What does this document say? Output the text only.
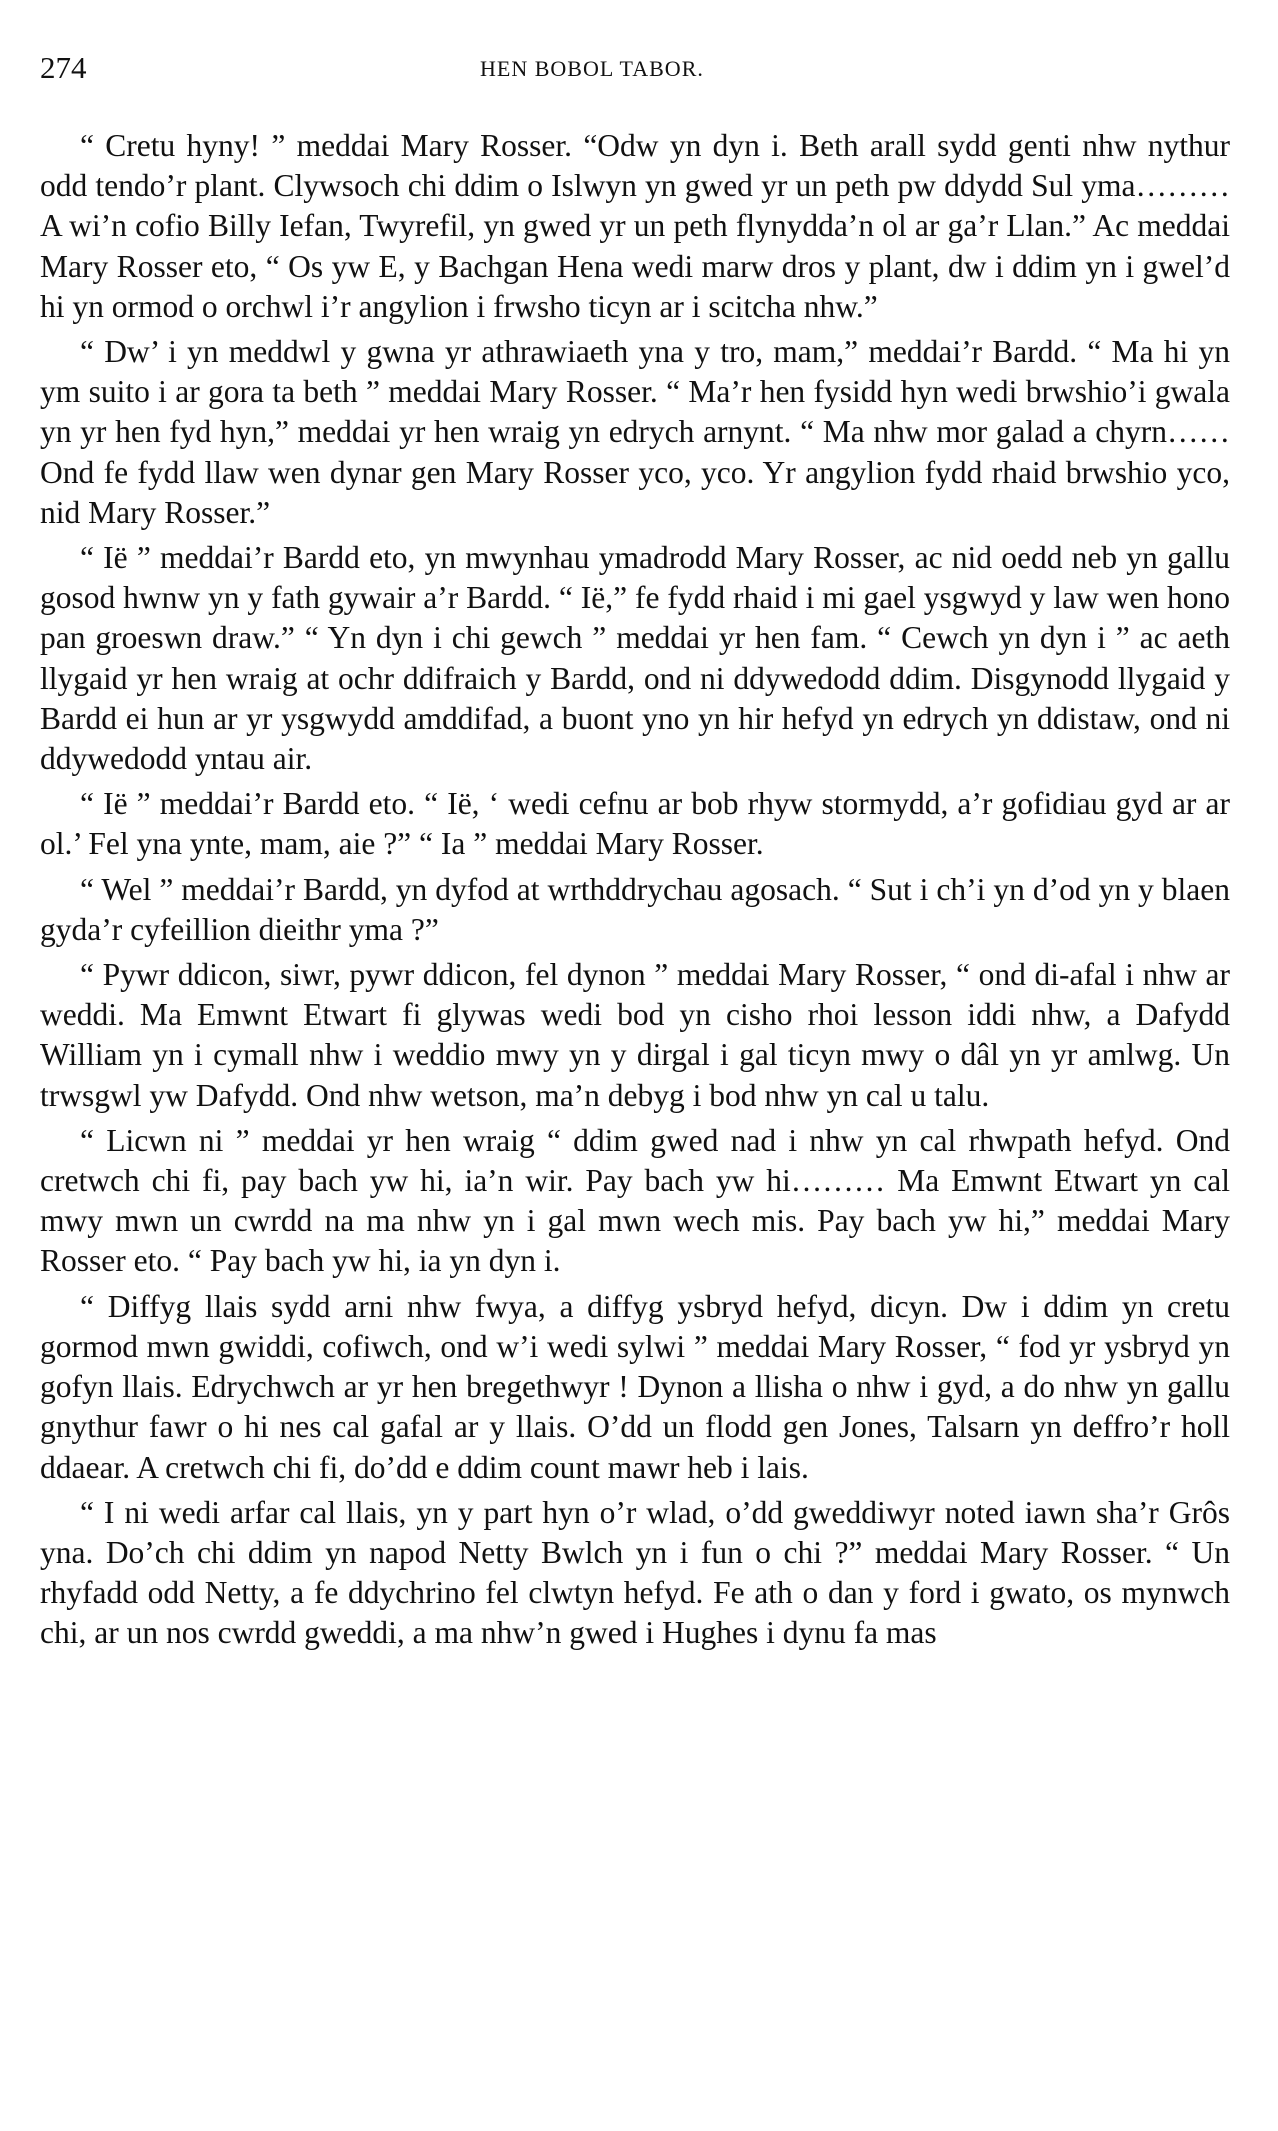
274	HEN BOBOL TABOR.

“ Cretu hyny! ” meddai Mary Rosser. “Odw yn dyn i. Beth arall sydd genti nhw nythur odd tendo’r plant. Clywsoch chi ddim o Islwyn yn gwed yr un peth pw ddydd Sul yma……… A wi’n cofio Billy Iefan, Twyrefil, yn gwed yr un peth flynydda’n ol ar ga’r Llan.” Ac meddai Mary Rosser eto, “ Os yw E, y Bachgan Hena wedi marw dros y plant, dw i ddim yn i gwel’d hi yn ormod o orchwl i’r angylion i frwsho ticyn ar i scitcha nhw.”

“ Dw’ i yn meddwl y gwna yr athrawiaeth yna y tro, mam,” meddai’r Bardd. “ Ma hi yn ym suito i ar gora ta beth ” meddai Mary Rosser. “ Ma’r hen fysidd hyn wedi brwshio’i gwala yn yr hen fyd hyn,” meddai yr hen wraig yn edrych arnynt. “ Ma nhw mor galad a chyrn…… Ond fe fydd llaw wen dynar gen Mary Rosser yco, yco. Yr angylion fydd rhaid brwshio yco, nid Mary Rosser.”

“ Ië ” meddai’r Bardd eto, yn mwynhau ymadrodd Mary Rosser, ac nid oedd neb yn gallu gosod hwnw yn y fath gywair a’r Bardd. “ Ië,” fe fydd rhaid i mi gael ysgwyd y law wen hono pan groeswn draw.” “ Yn dyn i chi gewch ” meddai yr hen fam. “ Cewch yn dyn i ” ac aeth llygaid yr hen wraig at ochr ddifraich y Bardd, ond ni ddywedodd ddim. Disgynodd llygaid y Bardd ei hun ar yr ysgwydd amddifad, a buont yno yn hir hefyd yn edrych yn ddistaw, ond ni ddywedodd yntau air.

“ Ië ” meddai’r Bardd eto. “ Ië, ‘ wedi cefnu ar bob rhyw stormydd, a’r gofidiau gyd ar ar ol.’ Fel yna ynte, mam, aie ?” “ Ia ” meddai Mary Rosser.

“ Wel ” meddai’r Bardd, yn dyfod at wrthddrychau agosach. “ Sut i ch’i yn d’od yn y blaen gyda’r cyfeillion dieithr yma ?”

“ Pywr ddicon, siwr, pywr ddicon, fel dynon ” meddai Mary Rosser, “ ond di-afal i nhw ar weddi. Ma Emwnt Etwart fi glywas wedi bod yn cisho rhoi lesson iddi nhw, a Dafydd William yn i cymall nhw i weddio mwy yn y dirgal i gal ticyn mwy o dâl yn yr amlwg. Un trwsgwl yw Dafydd. Ond nhw wetson, ma’n debyg i bod nhw yn cal u talu.

“ Licwn ni ” meddai yr hen wraig “ ddim gwed nad i nhw yn cal rhwpath hefyd. Ond cretwch chi fi, pay bach yw hi, ia’n wir. Pay bach yw hi……… Ma Emwnt Etwart yn cal mwy mwn un cwrdd na ma nhw yn i gal mwn wech mis. Pay bach yw hi,” meddai Mary Rosser eto. “ Pay bach yw hi, ia yn dyn i.

“ Diffyg llais sydd arni nhw fwya, a diffyg ysbryd hefyd, dicyn. Dw i ddim yn cretu gormod mwn gwiddi, cofiwch, ond w’i wedi sylwi ” meddai Mary Rosser, “ fod yr ysbryd yn gofyn llais. Edrychwch ar yr hen bregethwyr ! Dynon a llisha o nhw i gyd, a do nhw yn gallu gnythur fawr o hi nes cal gafal ar y llais. O’dd un flodd gen Jones, Talsarn yn deffro’r holl ddaear. A cretwch chi fi, do’dd e ddim count mawr heb i lais.

“ I ni wedi arfar cal llais, yn y part hyn o’r wlad, o’dd gweddiwyr noted iawn sha’r Grôs yna. Do’ch chi ddim yn napod Netty Bwlch yn i fun o chi ?” meddai Mary Rosser. “ Un rhyfadd odd Netty, a fe ddychrino fel clwtyn hefyd. Fe ath o dan y ford i gwato, os mynwch chi, ar un nos cwrdd gweddi, a ma nhw’n gwed i Hughes i dynu fa mas
